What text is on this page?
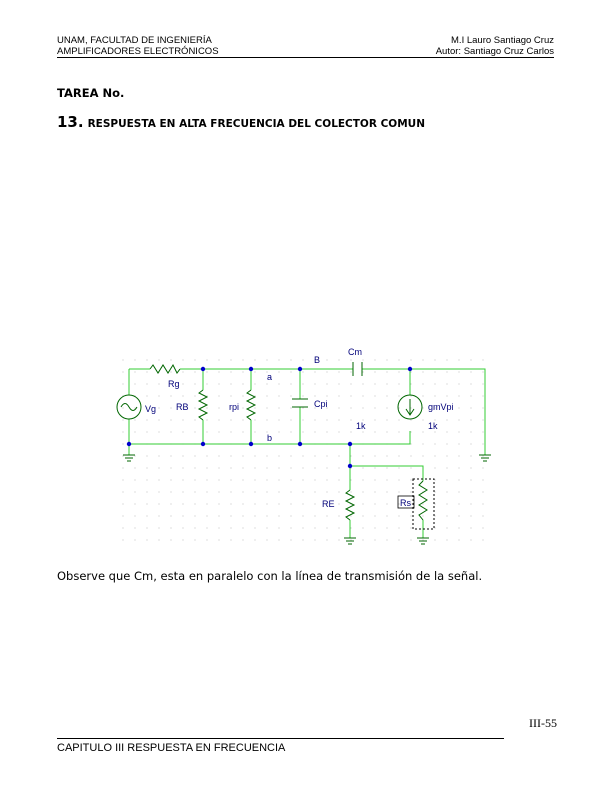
UNAM, FACULTAD DE INGENIERÍA
AMPLIFICADORES ELECTRÓNICOS
M.I Lauro Santiago Cruz
Autor: Santiago Cruz Carlos
TAREA No.
13. RESPUESTA EN ALTA FRECUENCIA DEL COLECTOR COMUN
Rg
Vg RB	rpi
a
b
B
Cm
Cpi	gmVpi
1k	1k
RE	Rs
Observe que Cm, esta en paralelo con la línea de transmisión de la señal.
III-55
CAPITULO III RESPUESTA EN FRECUENCIA
